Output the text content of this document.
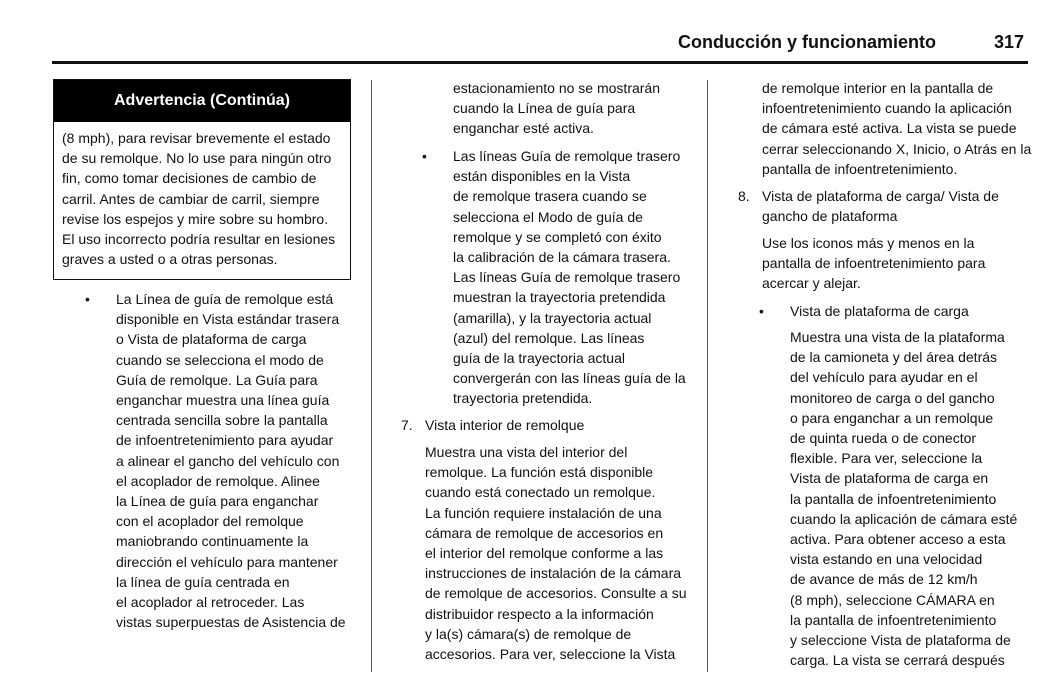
Conducción y funcionamiento	317
Advertencia (Continúa)
(8 mph), para revisar brevemente el estado
de su remolque. No lo use para ningún otro
fin, como tomar decisiones de cambio de
carril. Antes de cambiar de carril, siempre
revise los espejos y mire sobre su hombro.
El uso incorrecto podría resultar en lesiones
graves a usted o a otras personas.
• La Línea de guía de remolque está
disponible en Vista estándar trasera
o Vista de plataforma de carga
cuando se selecciona el modo de
Guía de remolque. La Guía para
enganchar muestra una línea guía
centrada sencilla sobre la pantalla
de infoentretenimiento para ayudar
a alinear el gancho del vehículo con
el acoplador de remolque. Alinee
la Línea de guía para enganchar
con el acoplador del remolque
maniobrando continuamente la
dirección el vehículo para mantener
la línea de guía centrada en
el acoplador al retroceder. Las
vistas superpuestas de Asistencia de
estacionamiento no se mostrarán
cuando la Línea de guía para
enganchar esté activa.
• Las líneas Guía de remolque trasero
están disponibles en la Vista
de remolque trasera cuando se
selecciona el Modo de guía de
remolque y se completó con éxito
la calibración de la cámara trasera.
Las líneas Guía de remolque trasero
muestran la trayectoria pretendida
(amarilla), y la trayectoria actual
(azul) del remolque. Las líneas
guía de la trayectoria actual
convergerán con las líneas guía de la
trayectoria pretendida.
7. Vista interior de remolque
Muestra una vista del interior del
remolque. La función está disponible
cuando está conectado un remolque.
La función requiere instalación de una
cámara de remolque de accesorios en
el interior del remolque conforme a las
instrucciones de instalación de la cámara
de remolque de accesorios. Consulte a su
distribuidor respecto a la información
y la(s) cámara(s) de remolque de
accesorios. Para ver, seleccione la Vista
de remolque interior en la pantalla de
infoentretenimiento cuando la aplicación
de cámara esté activa. La vista se puede
cerrar seleccionando X, Inicio, o Atrás en la
pantalla de infoentretenimiento.
8. Vista de plataforma de carga/ Vista de
gancho de plataforma
Use los iconos más y menos en la
pantalla de infoentretenimiento para
acercar y alejar.
• Vista de plataforma de carga
Muestra una vista de la plataforma
de la camioneta y del área detrás
del vehículo para ayudar en el
monitoreo de carga o del gancho
o para enganchar a un remolque
de quinta rueda o de conector
flexible. Para ver, seleccione la
Vista de plataforma de carga en
la pantalla de infoentretenimiento
cuando la aplicación de cámara esté
activa. Para obtener acceso a esta
vista estando en una velocidad
de avance de más de 12 km/h
(8 mph), seleccione CÁMARA en
la pantalla de infoentretenimiento
y seleccione Vista de plataforma de
carga. La vista se cerrará después
